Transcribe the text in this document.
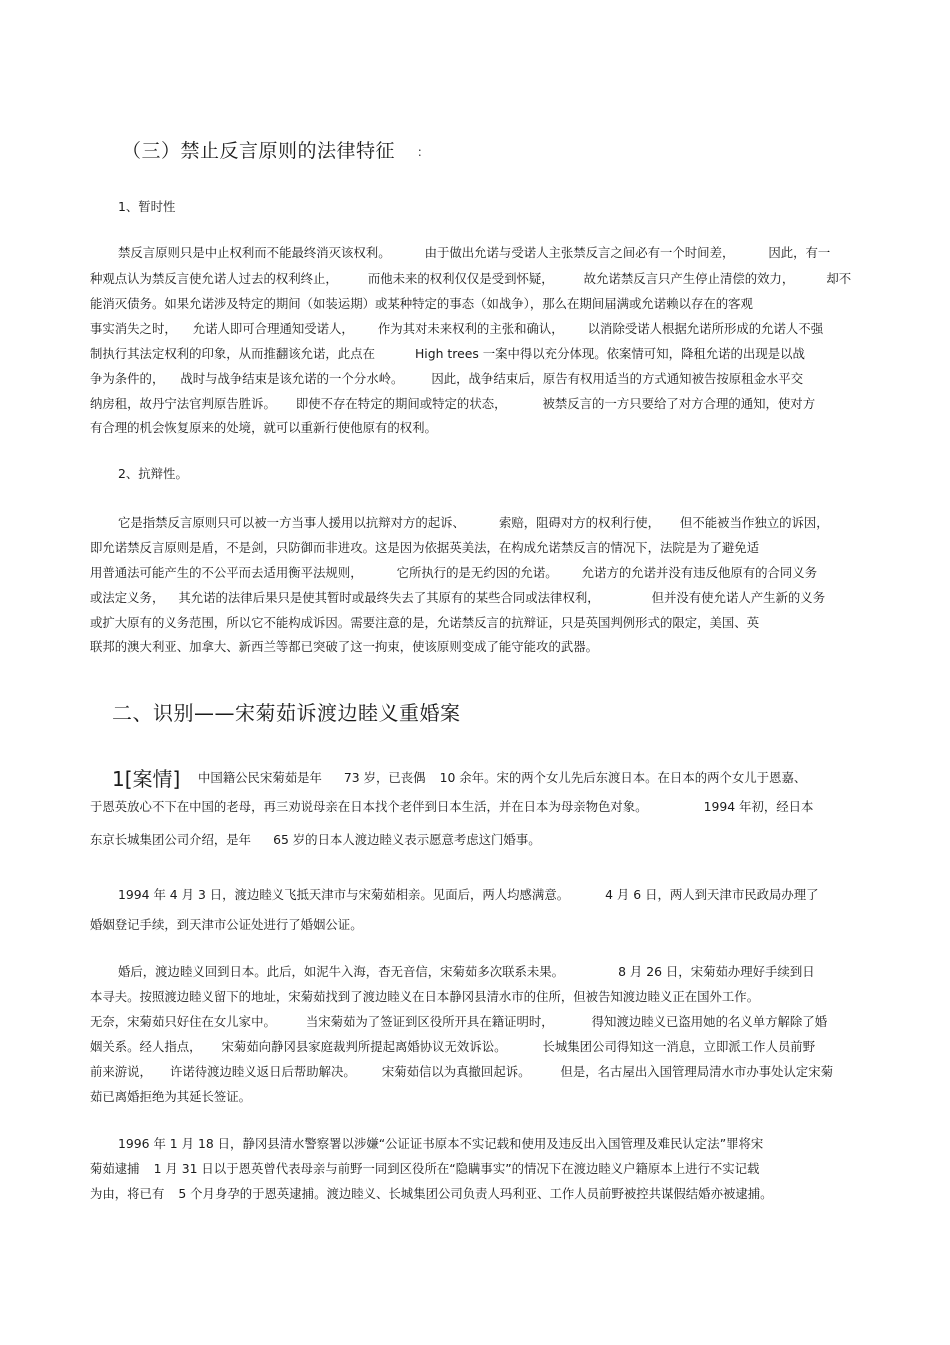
（三）禁止反言原则的法律特征 ：
1、暂时性
禁反言原则只是中止权利而不能最终消灭该权利。	由于做出允诺与受诺人主张禁反言之间必有一个时间差，	因此，有一
种观点认为禁反言使允诺人过去的权利终止， 而他未来的权利仅仅是受到怀疑， 故允诺禁反言只产生停止清偿的效力，	却不
能消灭债务。如果允诺涉及特定的期间（如装运期）或某种特定的事态（如战争），那么在期间届满或允诺赖以存在的客观
事实消失之时， 允诺人即可合理通知受诺人， 作为其对未来权利的主张和确认， 以消除受诺人根据允诺所形成的允诺人不强
制执行其法定权利的印象，从而推翻该允诺，此点在	High trees 一案中得以充分体现。依案情可知，降租允诺的出现是以战
争为条件的， 战时与战争结束是该允诺的一个分水岭。 因此，战争结束后，原告有权用适当的方式通知被告按原租金水平交
纳房租，故丹宁法官判原告胜诉。 即使不存在特定的期间或特定的状态，	被禁反言的一方只要给了对方合理的通知，使对方
有合理的机会恢复原来的处境，就可以重新行使他原有的权利。
2、抗辩性。
它是指禁反言原则只可以被一方当事人援用以抗辩对方的起诉、	索赔，阻碍对方的权利行使， 但不能被当作独立的诉因，
即允诺禁反言原则是盾，不是剑，只防御而非进攻。这是因为依据英美法，在构成允诺禁反言的情况下，法院是为了避免适
用普通法可能产生的不公平而去适用衡平法规则，	它所执行的是无约因的允诺。 允诺方的允诺并没有违反他原有的合同义务
或法定义务， 其允诺的法律后果只是使其暂时或最终失去了其原有的某些合同或法律权利，	但并没有使允诺人产生新的义务
或扩大原有的义务范围，所以它不能构成诉因。需要注意的是，允诺禁反言的抗辩证，只是英国判例形式的限定，美国、英
联邦的澳大利亚、加拿大、新西兰等都已突破了这一拘束，使该原则变成了能守能攻的武器。
二、识别——宋菊茹诉渡边睦义重婚案
1[案情] 中国籍公民宋菊茹是年 73 岁，已丧偶 10 余年。宋的两个女儿先后东渡日本。在日本的两个女儿于恩嘉、
于恩英放心不下在中国的老母，再三劝说母亲在日本找个老伴到日本生活，并在日本为母亲物色对象。	1994 年初，经日本
东京长城集团公司介绍，是年 65 岁的日本人渡边睦义表示愿意考虑这门婚事。
1994 年 4 月 3 日，渡边睦义飞抵天津市与宋菊茹相亲。见面后，两人均感满意。	4 月 6 日，两人到天津市民政局办理了
婚姻登记手续，到天津市公证处进行了婚姻公证。
婚后，渡边睦义回到日本。此后，如泥牛入海，杳无音信，宋菊茹多次联系未果。	8 月 26 日，宋菊茹办理好手续到日
本寻夫。按照渡边睦义留下的地址，宋菊茹找到了渡边睦义在日本静冈县清水市的住所，但被告知渡边睦义正在国外工作。
无奈，宋菊茹只好住在女儿家中。 当宋菊茹为了签证到区役所开具在籍证明时，	得知渡边睦义已盗用她的名义单方解除了婚
姻关系。经人指点， 宋菊茹向静冈县家庭裁判所提起离婚协议无效诉讼。	长城集团公司得知这一消息，立即派工作人员前野
前来游说， 许诺待渡边睦义返日后帮助解决。 宋菊茹信以为真撤回起诉。 但是，名古屋出入国管理局清水市办事处认定宋菊
茹已离婚拒绝为其延长签证。
1996 年 1 月 18 日，静冈县清水警察署以涉嫌“公证证书原本不实记载和使用及违反出入国管理及难民认定法”罪将宋
菊茹逮捕 1 月 31 日以于恩英曾代表母亲与前野一同到区役所在“隐瞒事实”的情况下在渡边睦义户籍原本上进行不实记载
为由，将已有 5 个月身孕的于恩英逮捕。渡边睦义、长城集团公司负责人玛利亚、工作人员前野被控共谋假结婚亦被逮捕。
